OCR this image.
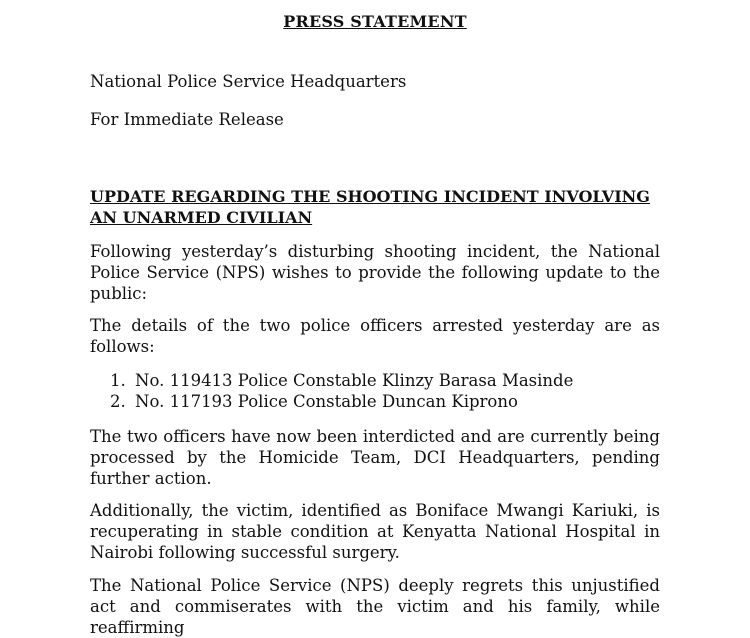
PRESS STATEMENT
National Police Service Headquarters
For Immediate Release
UPDATE REGARDING THE SHOOTING INCIDENT INVOLVING AN UNARMED CIVILIAN
Following yesterday’s disturbing shooting incident, the National Police Service (NPS) wishes to provide the following update to the public:
The details of the two police officers arrested yesterday are as follows:
1. No. 119413 Police Constable Klinzy Barasa Masinde
2. No. 117193 Police Constable Duncan Kiprono
The two officers have now been interdicted and are currently being processed by the Homicide Team, DCI Headquarters, pending further action.
Additionally, the victim, identified as Boniface Mwangi Kariuki, is recuperating in stable condition at Kenyatta National Hospital in Nairobi following successful surgery.
The National Police Service (NPS) deeply regrets this unjustified act and commiserates with the victim and his family, while reaffirming
